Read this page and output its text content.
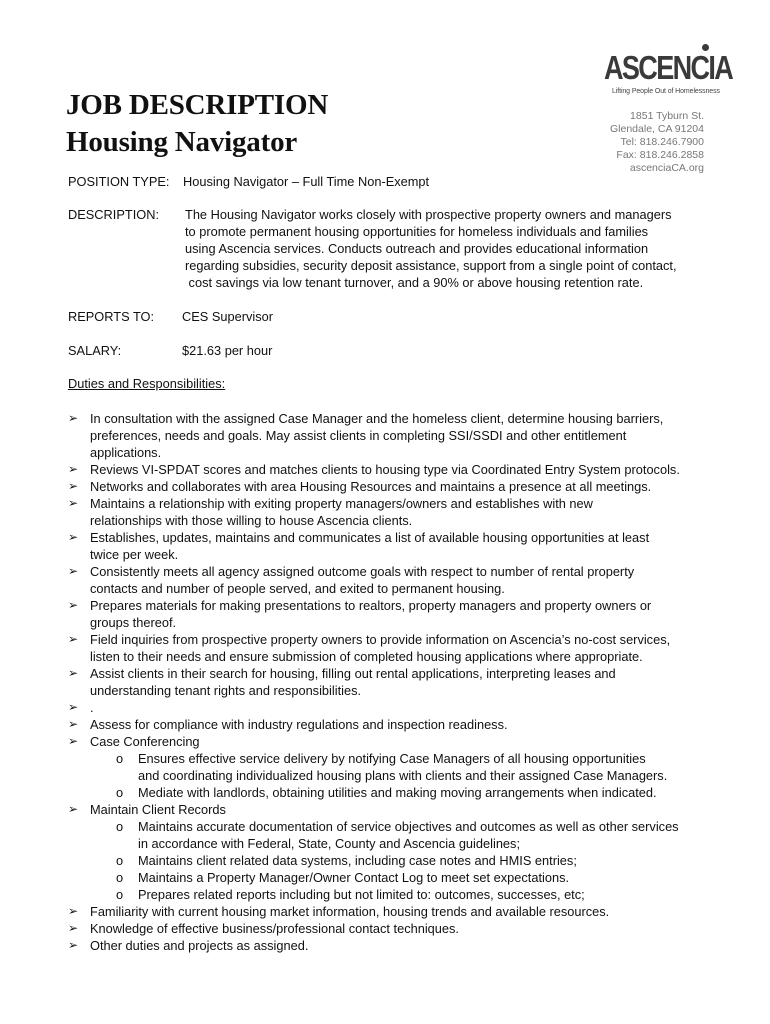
JOB DESCRIPTION
Housing Navigator
ASCENCIA
Lifting People Out of Homelessness
1851 Tyburn St.
Glendale, CA 91204
Tel: 818.246.7900
Fax: 818.246.2858
ascenciaCA.org
POSITION TYPE: Housing Navigator – Full Time Non-Exempt
DESCRIPTION: The Housing Navigator works closely with prospective property owners and managers
to promote permanent housing opportunities for homeless individuals and families
using Ascencia services. Conducts outreach and provides educational information
regarding subsidies, security deposit assistance, support from a single point of contact,
cost savings via low tenant turnover, and a 90% or above housing retention rate.
REPORTS TO: CES Supervisor
SALARY:	$21.63 per hour
Duties and Responsibilities:
➢ In consultation with the assigned Case Manager and the homeless client, determine housing barriers,
preferences, needs and goals. May assist clients in completing SSI/SSDI and other entitlement
applications.
➢ Reviews VI-SPDAT scores and matches clients to housing type via Coordinated Entry System protocols.
➢ Networks and collaborates with area Housing Resources and maintains a presence at all meetings.
➢ Maintains a relationship with exiting property managers/owners and establishes with new
relationships with those willing to house Ascencia clients.
➢ Establishes, updates, maintains and communicates a list of available housing opportunities at least
twice per week.
➢ Consistently meets all agency assigned outcome goals with respect to number of rental property
contacts and number of people served, and exited to permanent housing.
➢ Prepares materials for making presentations to realtors, property managers and property owners or
groups thereof.
➢ Field inquiries from prospective property owners to provide information on Ascencia’s no-cost services,
listen to their needs and ensure submission of completed housing applications where appropriate.
➢ Assist clients in their search for housing, filling out rental applications, interpreting leases and
understanding tenant rights and responsibilities.
➢ .
➢ Assess for compliance with industry regulations and inspection readiness.
➢ Case Conferencing
o Ensures effective service delivery by notifying Case Managers of all housing opportunities
and coordinating individualized housing plans with clients and their assigned Case Managers.
o Mediate with landlords, obtaining utilities and making moving arrangements when indicated.
➢ Maintain Client Records
o Maintains accurate documentation of service objectives and outcomes as well as other services
in accordance with Federal, State, County and Ascencia guidelines;
o Maintains client related data systems, including case notes and HMIS entries;
o Maintains a Property Manager/Owner Contact Log to meet set expectations.
o Prepares related reports including but not limited to: outcomes, successes, etc;
➢ Familiarity with current housing market information, housing trends and available resources.
➢ Knowledge of effective business/professional contact techniques.
➢ Other duties and projects as assigned.
